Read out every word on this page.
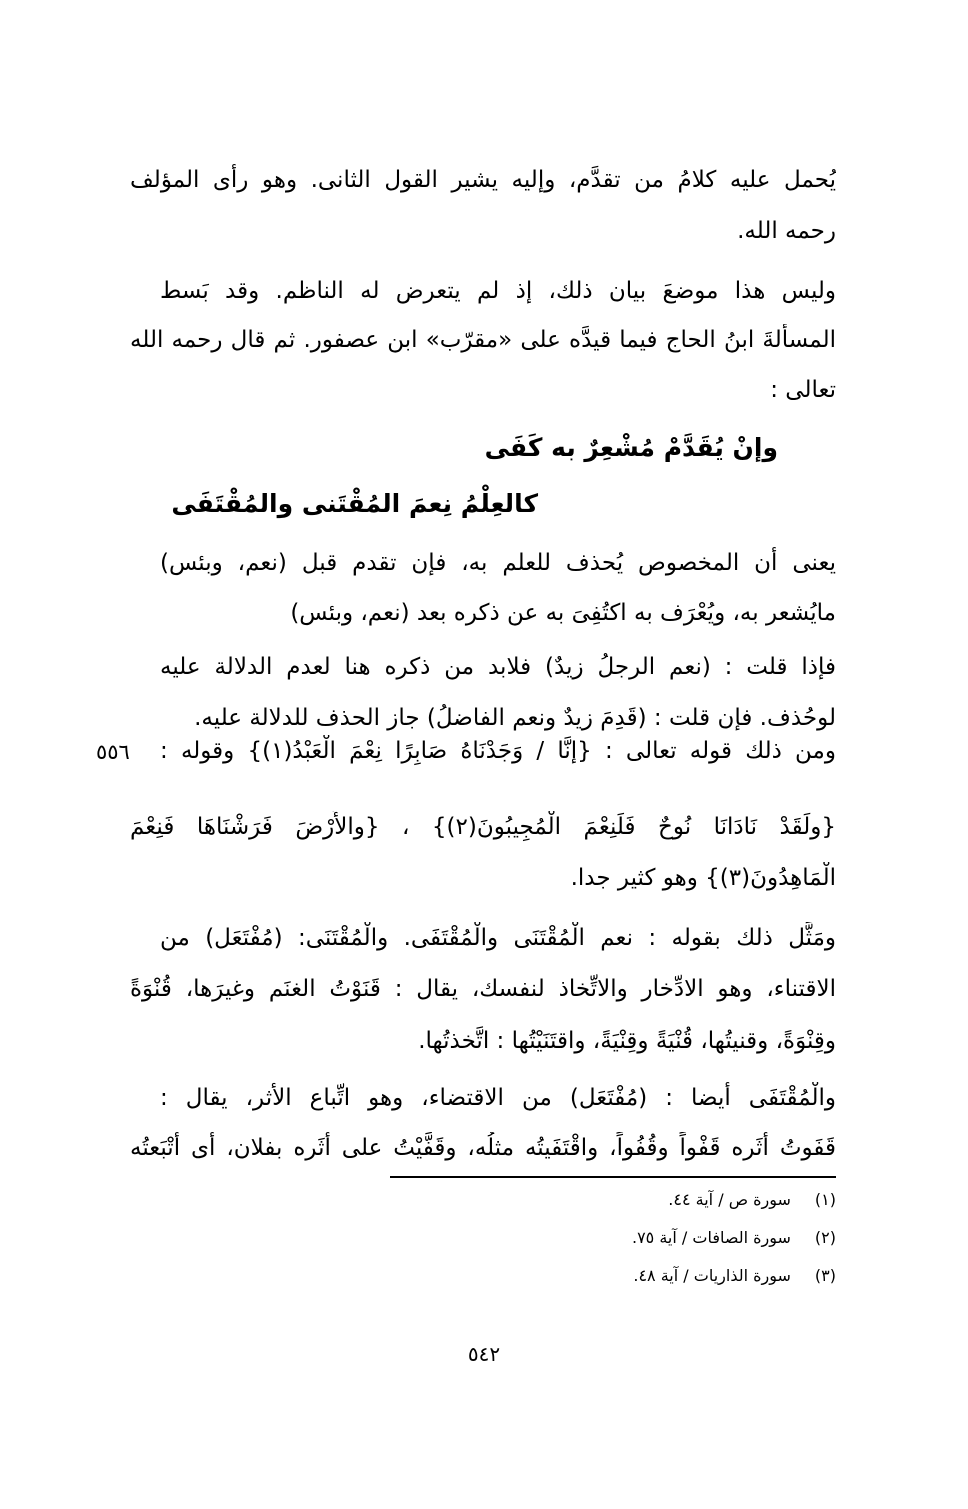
يُحمل عليه كلامُ من تقدَّم، وإليه يشير القول الثانى. وهو رأى المؤلف
رحمه الله.
وليس هذا موضعَ بيان ذلك، إذ لم يتعرض له الناظم. وقد بَسط
المسألةَ ابنُ الحاج فيما قيدَّه على «مقرّب» ابن عصفور. ثم قال رحمه الله
تعالى :
وإنْ يُقَدَّمْ مُشْعِرٌ به كَفَى
كالعِلْمُ نِعمَ المُقْتَنى والمُقْتَفَى
يعنى أن المخصوص يُحذف للعلم به، فإن تقدم قبل (نعم، وبئس)
مايُشعر به، ويُعْرَف به اكتُفِىَ به عن ذكره بعد (نعم، وبئس)
فإذا قلت : (نعم الرجلُ زيدٌ) فلابد من ذكره هنا لعدم الدلالة عليه
لوحُذف. فإن قلت : (قَدِمَ زيدٌ ونعم الفاضلُ) جاز الحذف للدلالة عليه.
ومن ذلك قوله تعالى : {إنَّا / وَجَدْنَاهُ صَابِرًا نِعْمَ الْعَبْدُ(١)} وقوله :
٥٥٦
{ولَقَدْ نَادَانَا نُوحٌ فَلَنِعْمَ الْمُجِيبُونَ(٢)} ، {والأَرْضَ فَرَشْنَاهَا فَنِعْمَ
الْمَاهِدُونَ(٣)} وهو كثير جدا.
ومَثَّل ذلك بقوله : نعم الْمُقْتَنَى والْمُقْتَفَى. والْمُقْتَنَى: (مُفْتَعَل) من
الاقتناء، وهو الادِّخار والاتِّخاذ لنفسك، يقال : قَنَوْتُ الغنَم وغيرَها، قُنْوَةً
وقِنْوَةً، وقنيتُها، قُنْيَةً وقِنْيَةً، واقتَنَيْتُها : اتَّخذتُها.
والْمُقْتَفَى أيضا : (مُفْتَعَل) من الاقتضاء، وهو اتِّباع الأثر، يقال :
قَفَوتُ أثَره قَفْواً وقُفُواً، واقْتَفَيتُه مثلُه، وقَفَّيْتُ على أَثَره بفلان، أى أَتْبَعتُه
(١) سورة ص / آية ٤٤.
(٢) سورة الصافات / آية ٧٥.
(٣) سورة الذاريات / آية ٤٨.
٥٤٢
